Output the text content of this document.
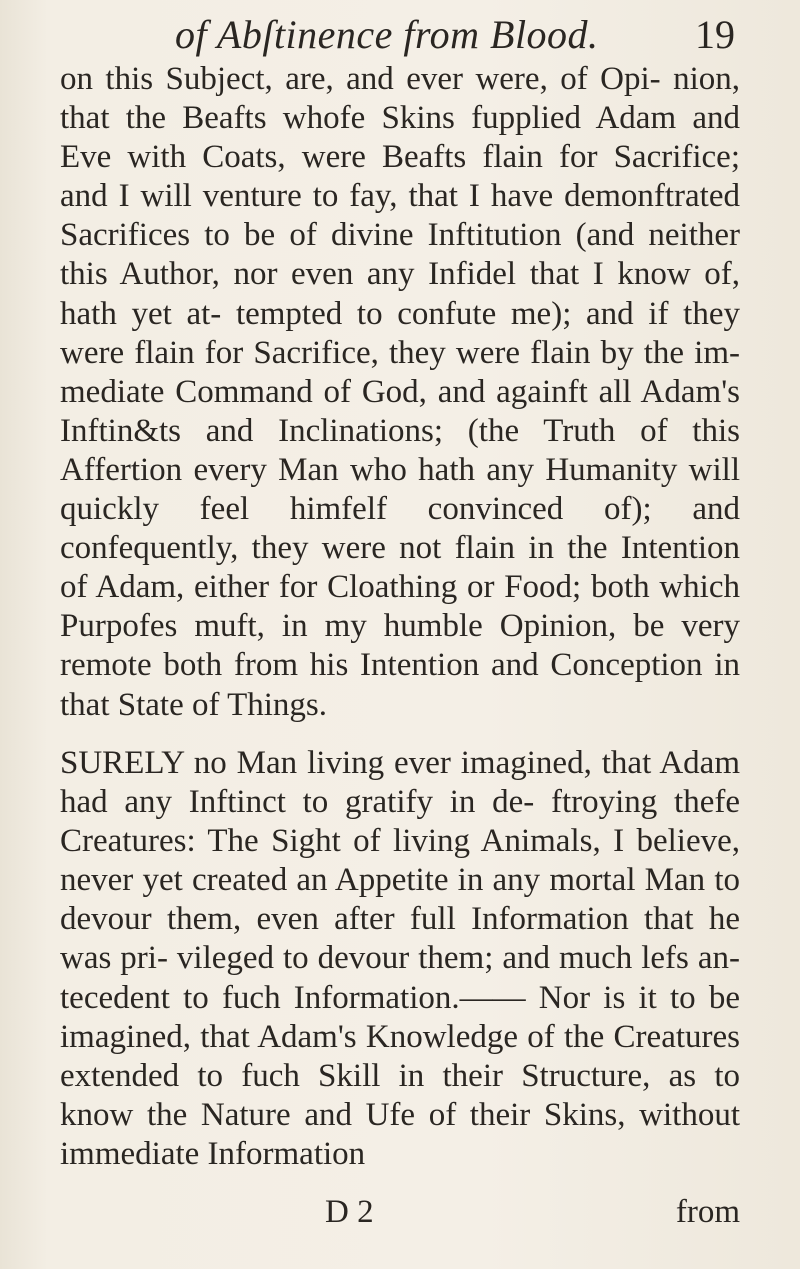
of Abſtinence from Blood. 19
on this Subject, are, and ever were, of Opi- nion, that the Beafts whofe Skins fupplied Adam and Eve with Coats, were Beafts flain for Sacrifice; and I will venture to fay, that I have demonftrated Sacrifices to be of divine Inftitution (and neither this Author, nor even any Infidel that I know of, hath yet at- tempted to confute me); and if they were flain for Sacrifice, they were flain by the im- mediate Command of God, and againft all Adam's Inftin&ts and Inclinations; (the Truth of this Affertion every Man who hath any Humanity will quickly feel himfelf convinced of); and confequently, they were not flain in the Intention of Adam, either for Cloathing or Food; both which Purpofes muft, in my humble Opinion, be very remote both from his Intention and Conception in that State of Things.
SURELY no Man living ever imagined, that Adam had any Inftinct to gratify in de- ftroying thefe Creatures: The Sight of living Animals, I believe, never yet created an Appetite in any mortal Man to devour them, even after full Information that he was pri- vileged to devour them; and much lefs an- tecedent to fuch Information.—— Nor is it to be imagined, that Adam's Knowledge of the Creatures extended to fuch Skill in their Structure, as to know the Nature and Ufe of their Skins, without immediate Information
D 2	from
